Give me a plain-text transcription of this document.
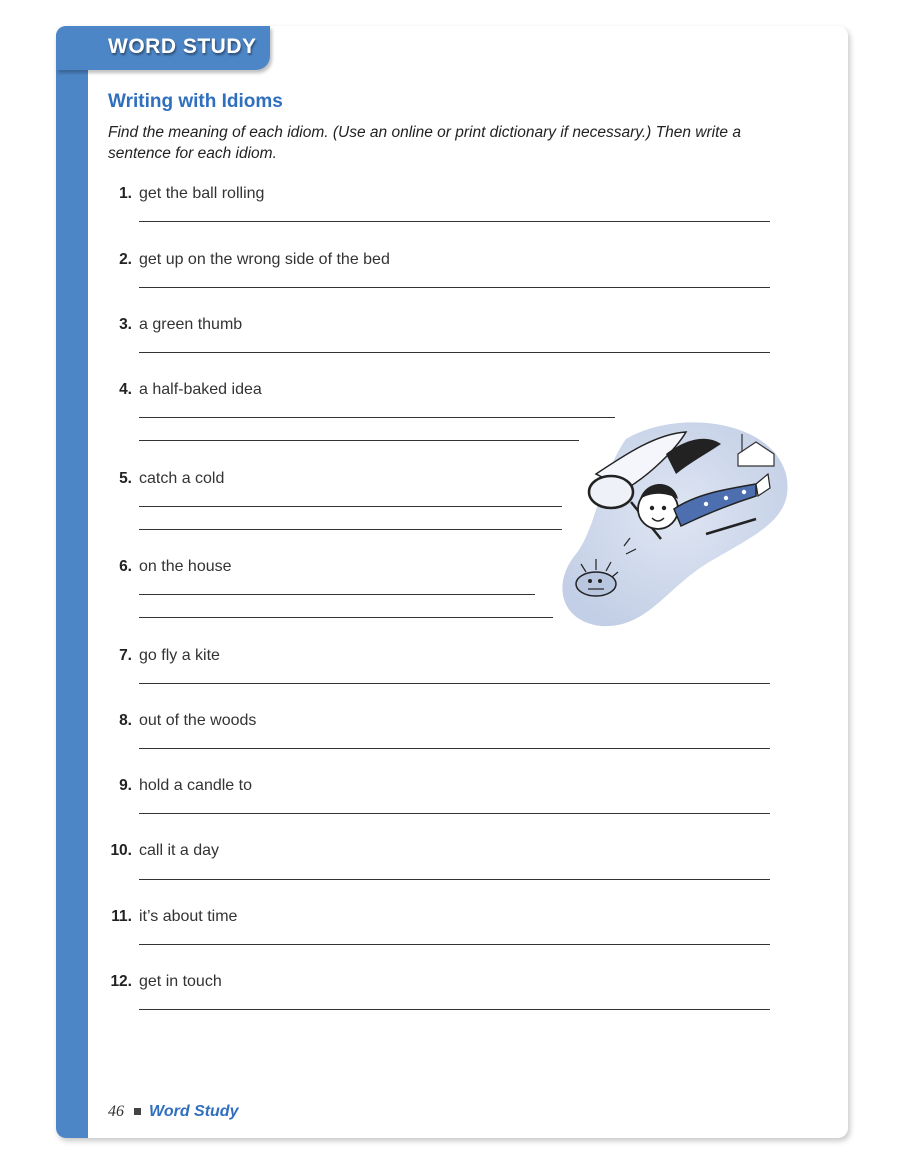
WORD STUDY
Writing with Idioms
Find the meaning of each idiom. (Use an online or print dictionary if necessary.) Then write a sentence for each idiom.
1. get the ball rolling
2. get up on the wrong side of the bed
3. a green thumb
4. a half-baked idea
5. catch a cold
6. on the house
7. go fly a kite
8. out of the woods
9. hold a candle to
10. call it a day
11. it’s about time
12. get in touch
46 Word Study
